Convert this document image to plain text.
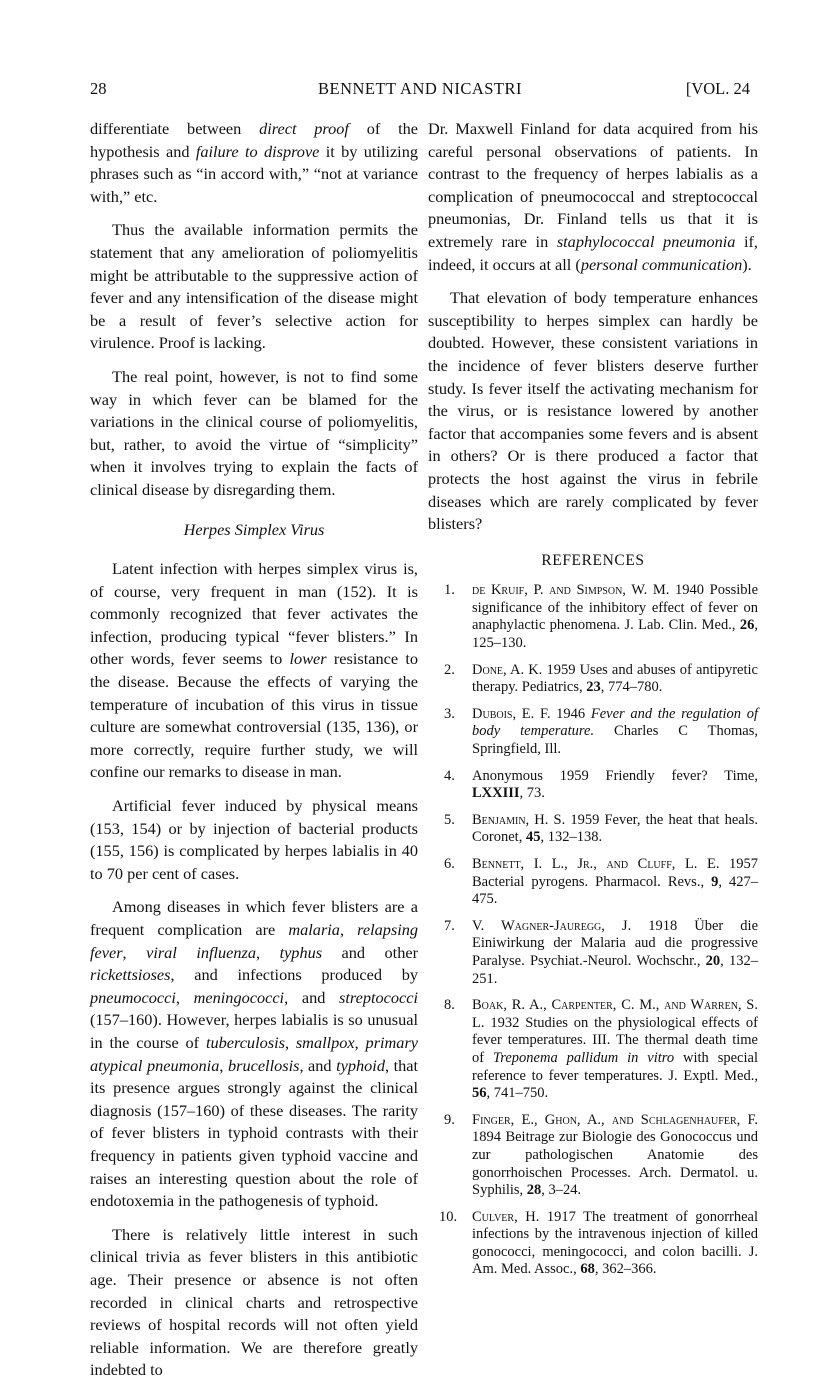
28	BENNETT AND NICASTRI	[VOL. 24

differentiate between direct proof of the hypothesis and failure to disprove it by utilizing phrases such as “in accord with,” “not at variance with,” etc.

Thus the available information permits the statement that any amelioration of poliomyelitis might be attributable to the suppressive action of fever and any intensification of the disease might be a result of fever’s selective action for virulence. Proof is lacking.

The real point, however, is not to find some way in which fever can be blamed for the variations in the clinical course of poliomyelitis, but, rather, to avoid the virtue of “simplicity” when it involves trying to explain the facts of clinical disease by disregarding them.

Herpes Simplex Virus

Latent infection with herpes simplex virus is, of course, very frequent in man (152). It is commonly recognized that fever activates the infection, producing typical “fever blisters.” In other words, fever seems to lower resistance to the disease. Because the effects of varying the temperature of incubation of this virus in tissue culture are somewhat controversial (135, 136), or more correctly, require further study, we will confine our remarks to disease in man.

Artificial fever induced by physical means (153, 154) or by injection of bacterial products (155, 156) is complicated by herpes labialis in 40 to 70 per cent of cases.

Among diseases in which fever blisters are a frequent complication are malaria, relapsing fever, viral influenza, typhus and other rickettsioses, and infections produced by pneumococci, meningococci, and streptococci (157–160). However, herpes labialis is so unusual in the course of tuberculosis, smallpox, primary atypical pneumonia, brucellosis, and typhoid, that its presence argues strongly against the clinical diagnosis (157–160) of these diseases. The rarity of fever blisters in typhoid contrasts with their frequency in patients given typhoid vaccine and raises an interesting question about the role of endotoxemia in the pathogenesis of typhoid.

There is relatively little interest in such clinical trivia as fever blisters in this antibiotic age. Their presence or absence is not often recorded in clinical charts and retrospective reviews of hospital records will not often yield reliable information. We are therefore greatly indebted to

Dr. Maxwell Finland for data acquired from his careful personal observations of patients. In contrast to the frequency of herpes labialis as a complication of pneumococcal and streptococcal pneumonias, Dr. Finland tells us that it is extremely rare in staphylococcal pneumonia if, indeed, it occurs at all (personal communication).

That elevation of body temperature enhances susceptibility to herpes simplex can hardly be doubted. However, these consistent variations in the incidence of fever blisters deserve further study. Is fever itself the activating mechanism for the virus, or is resistance lowered by another factor that accompanies some fevers and is absent in others? Or is there produced a factor that protects the host against the virus in febrile diseases which are rarely complicated by fever blisters?

REFERENCES
1.	de Kruif, P. and Simpson, W. M. 1940 Possible significance of the inhibitory effect of fever on anaphylactic phenomena. J. Lab. Clin. Med., 26, 125–130.
2.	Done, A. K. 1959 Uses and abuses of antipyretic therapy. Pediatrics, 23, 774–780.
3.	Dubois, E. F. 1946 Fever and the regulation of body temperature. Charles C Thomas, Springfield, Ill.
4.	Anonymous 1959 Friendly fever? Time, LXXIII, 73.
5.	Benjamin, H. S. 1959 Fever, the heat that heals. Coronet, 45, 132–138.
6.	Bennett, I. L., Jr., and Cluff, L. E. 1957 Bacterial pyrogens. Pharmacol. Revs., 9, 427–475.
7.	V. Wagner-Jauregg, J. 1918 Über die Einiwirkung der Malaria aud die progressive Paralyse. Psychiat.-Neurol. Wochschr., 20, 132–251.
8.	Boak, R. A., Carpenter, C. M., and Warren, S. L. 1932 Studies on the physiological effects of fever temperatures. III. The thermal death time of Treponema pallidum in vitro with special reference to fever temperatures. J. Exptl. Med., 56, 741–750.
9.	Finger, E., Ghon, A., and Schlagenhaufer, F. 1894 Beitrage zur Biologie des Gonococcus und zur pathologischen Anatomie des gonorrhoischen Processes. Arch. Dermatol. u. Syphilis, 28, 3–24.
10.	Culver, H. 1917 The treatment of gonorrheal infections by the intravenous injection of killed gonococci, meningococci, and colon bacilli. J. Am. Med. Assoc., 68, 362–366.
